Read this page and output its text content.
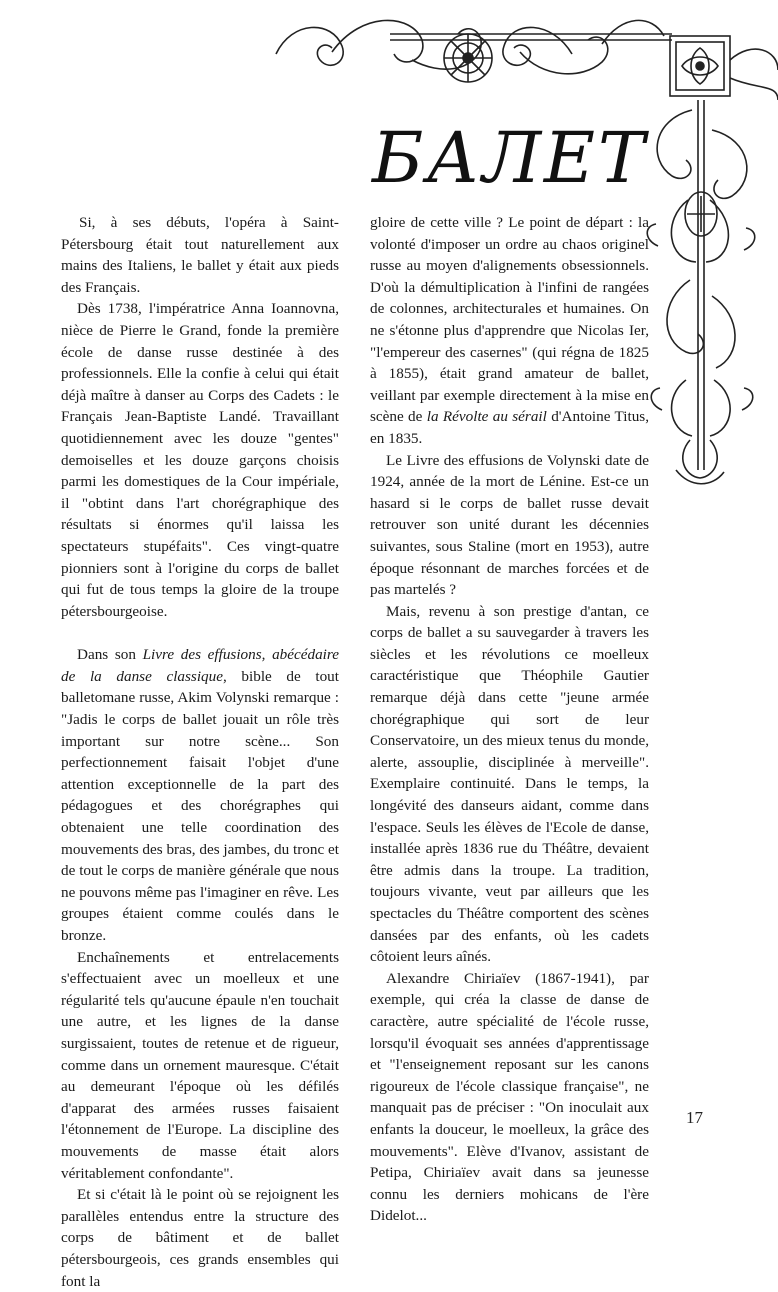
БАЛЕТ

Si, à ses débuts, l'opéra à Saint-Pétersbourg était tout naturellement aux mains des Italiens, le ballet y était aux pieds des Français.

Dès 1738, l'impératrice Anna Ioannovna, nièce de Pierre le Grand, fonde la première école de danse russe destinée à des professionnels. Elle la confie à celui qui était déjà maître à danser au Corps des Cadets : le Français Jean-Baptiste Landé. Travaillant quotidiennement avec les douze "gentes" demoiselles et les douze garçons choisis parmi les domestiques de la Cour impériale, il "obtint dans l'art chorégraphique des résultats si énormes qu'il laissa les spectateurs stupéfaits". Ces vingt-quatre pionniers sont à l'origine du corps de ballet qui fut de tous temps la gloire de la troupe pétersbourgeoise.

Dans son Livre des effusions, abécédaire de la danse classique, bible de tout balletomane russe, Akim Volynski remarque : "Jadis le corps de ballet jouait un rôle très important sur notre scène... Son perfectionnement faisait l'objet d'une attention exceptionnelle de la part des pédagogues et des chorégraphes qui obtenaient une telle coordination des mouvements des bras, des jambes, du tronc et de tout le corps de manière générale que nous ne pouvons même pas l'imaginer en rêve. Les groupes étaient comme coulés dans le bronze.

Enchaînements et entrelacements s'effectuaient avec un moelleux et une régularité tels qu'aucune épaule n'en touchait une autre, et les lignes de la danse surgissaient, toutes de retenue et de rigueur, comme dans un ornement mauresque. C'était au demeurant l'époque où les défilés d'apparat des armées russes faisaient l'étonnement de l'Europe. La discipline des mouvements de masse était alors véritablement confondante".

Et si c'était là le point où se rejoignent les parallèles entendus entre la structure des corps de bâtiment et de ballet pétersbourgeois, ces grands ensembles qui font la

gloire de cette ville ? Le point de départ : la volonté d'imposer un ordre au chaos originel russe au moyen d'alignements obsessionnels. D'où la démultiplication à l'infini de rangées de colonnes, architecturales et humaines. On ne s'étonne plus d'apprendre que Nicolas Ier, "l'empereur des casernes" (qui régna de 1825 à 1855), était grand amateur de ballet, veillant par exemple directement à la mise en scène de la Révolte au sérail d'Antoine Titus, en 1835.

Le Livre des effusions de Volynski date de 1924, année de la mort de Lénine. Est-ce un hasard si le corps de ballet russe devait retrouver son unité durant les décennies suivantes, sous Staline (mort en 1953), autre époque résonnant de marches forcées et de pas martelés ?

Mais, revenu à son prestige d'antan, ce corps de ballet a su sauvegarder à travers les siècles et les révolutions ce moelleux caractéristique que Théophile Gautier remarque déjà dans cette "jeune armée chorégraphique qui sort de leur Conservatoire, un des mieux tenus du monde, alerte, assouplie, disciplinée à merveille". Exemplaire continuité. Dans le temps, la longévité des danseurs aidant, comme dans l'espace. Seuls les élèves de l'Ecole de danse, installée après 1836 rue du Théâtre, devaient être admis dans la troupe. La tradition, toujours vivante, veut par ailleurs que les spectacles du Théâtre comportent des scènes dansées par des enfants, où les cadets côtoient leurs aînés.

Alexandre Chiriaïev (1867-1941), par exemple, qui créa la classe de danse de caractère, autre spécialité de l'école russe, lorsqu'il évoquait ses années d'apprentissage et "l'enseignement reposant sur les canons rigoureux de l'école classique française", ne manquait pas de préciser : "On inoculait aux enfants la douceur, le moelleux, la grâce des mouvements". Elève d'Ivanov, assistant de Petipa, Chiriaïev avait dans sa jeunesse connu les derniers mohicans de l'ère Didelot...

17
